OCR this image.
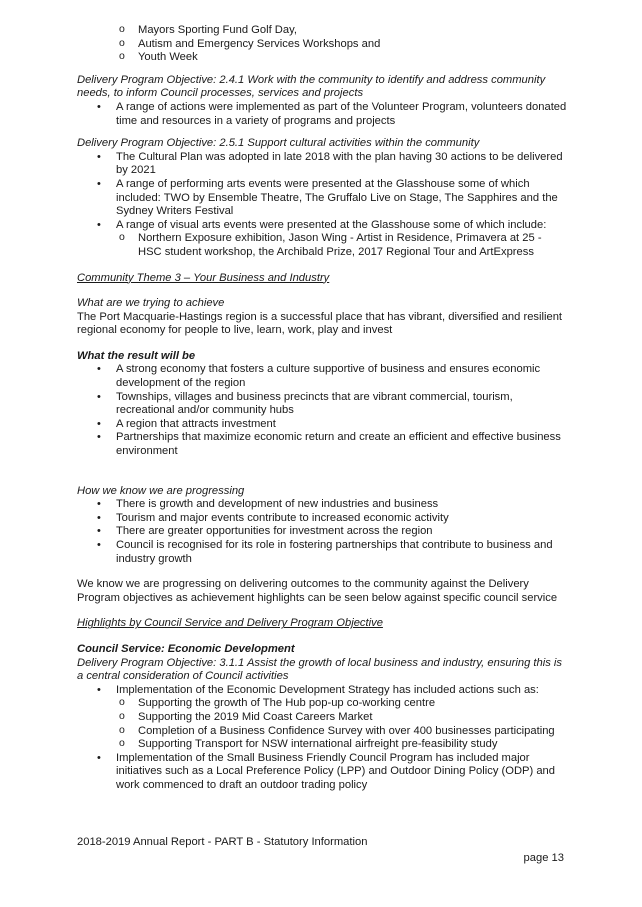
o Mayors Sporting Fund Golf Day,
o Autism and Emergency Services Workshops and
o Youth Week

Delivery Program Objective: 2.4.1 Work with the community to identify and address community needs, to inform Council processes, services and projects

• A range of actions were implemented as part of the Volunteer Program, volunteers donated time and resources in a variety of programs and projects

Delivery Program Objective: 2.5.1 Support cultural activities within the community

• The Cultural Plan was adopted in late 2018 with the plan having 30 actions to be delivered by 2021
• A range of performing arts events were presented at the Glasshouse some of which included: TWO by Ensemble Theatre, The Gruffalo Live on Stage, The Sapphires and the Sydney Writers Festival
• A range of visual arts events were presented at the Glasshouse some of which include:
o Northern Exposure exhibition, Jason Wing - Artist in Residence, Primavera at 25 - HSC student workshop, the Archibald Prize, 2017 Regional Tour and ArtExpress

Community Theme 3 – Your Business and Industry

What are we trying to achieve

The Port Macquarie-Hastings region is a successful place that has vibrant, diversified and resilient regional economy for people to live, learn, work, play and invest

What the result will be

• A strong economy that fosters a culture supportive of business and ensures economic development of the region
• Townships, villages and business precincts that are vibrant commercial, tourism, recreational and/or community hubs
• A region that attracts investment
• Partnerships that maximize economic return and create an efficient and effective business environment

How we know we are progressing

• There is growth and development of new industries and business
• Tourism and major events contribute to increased economic activity
• There are greater opportunities for investment across the region
• Council is recognised for its role in fostering partnerships that contribute to business and industry growth

We know we are progressing on delivering outcomes to the community against the Delivery Program objectives as achievement highlights can be seen below against specific council service

Highlights by Council Service and Delivery Program Objective

Council Service: Economic Development

Delivery Program Objective: 3.1.1 Assist the growth of local business and industry, ensuring this is a central consideration of Council activities

• Implementation of the Economic Development Strategy has included actions such as:
o Supporting the growth of The Hub pop-up co-working centre
o Supporting the 2019 Mid Coast Careers Market
o Completion of a Business Confidence Survey with over 400 businesses participating
o Supporting Transport for NSW international airfreight pre-feasibility study
• Implementation of the Small Business Friendly Council Program has included major initiatives such as a Local Preference Policy (LPP) and Outdoor Dining Policy (ODP) and work commenced to draft an outdoor trading policy
2018-2019 Annual Report - PART B - Statutory Information
page 13
